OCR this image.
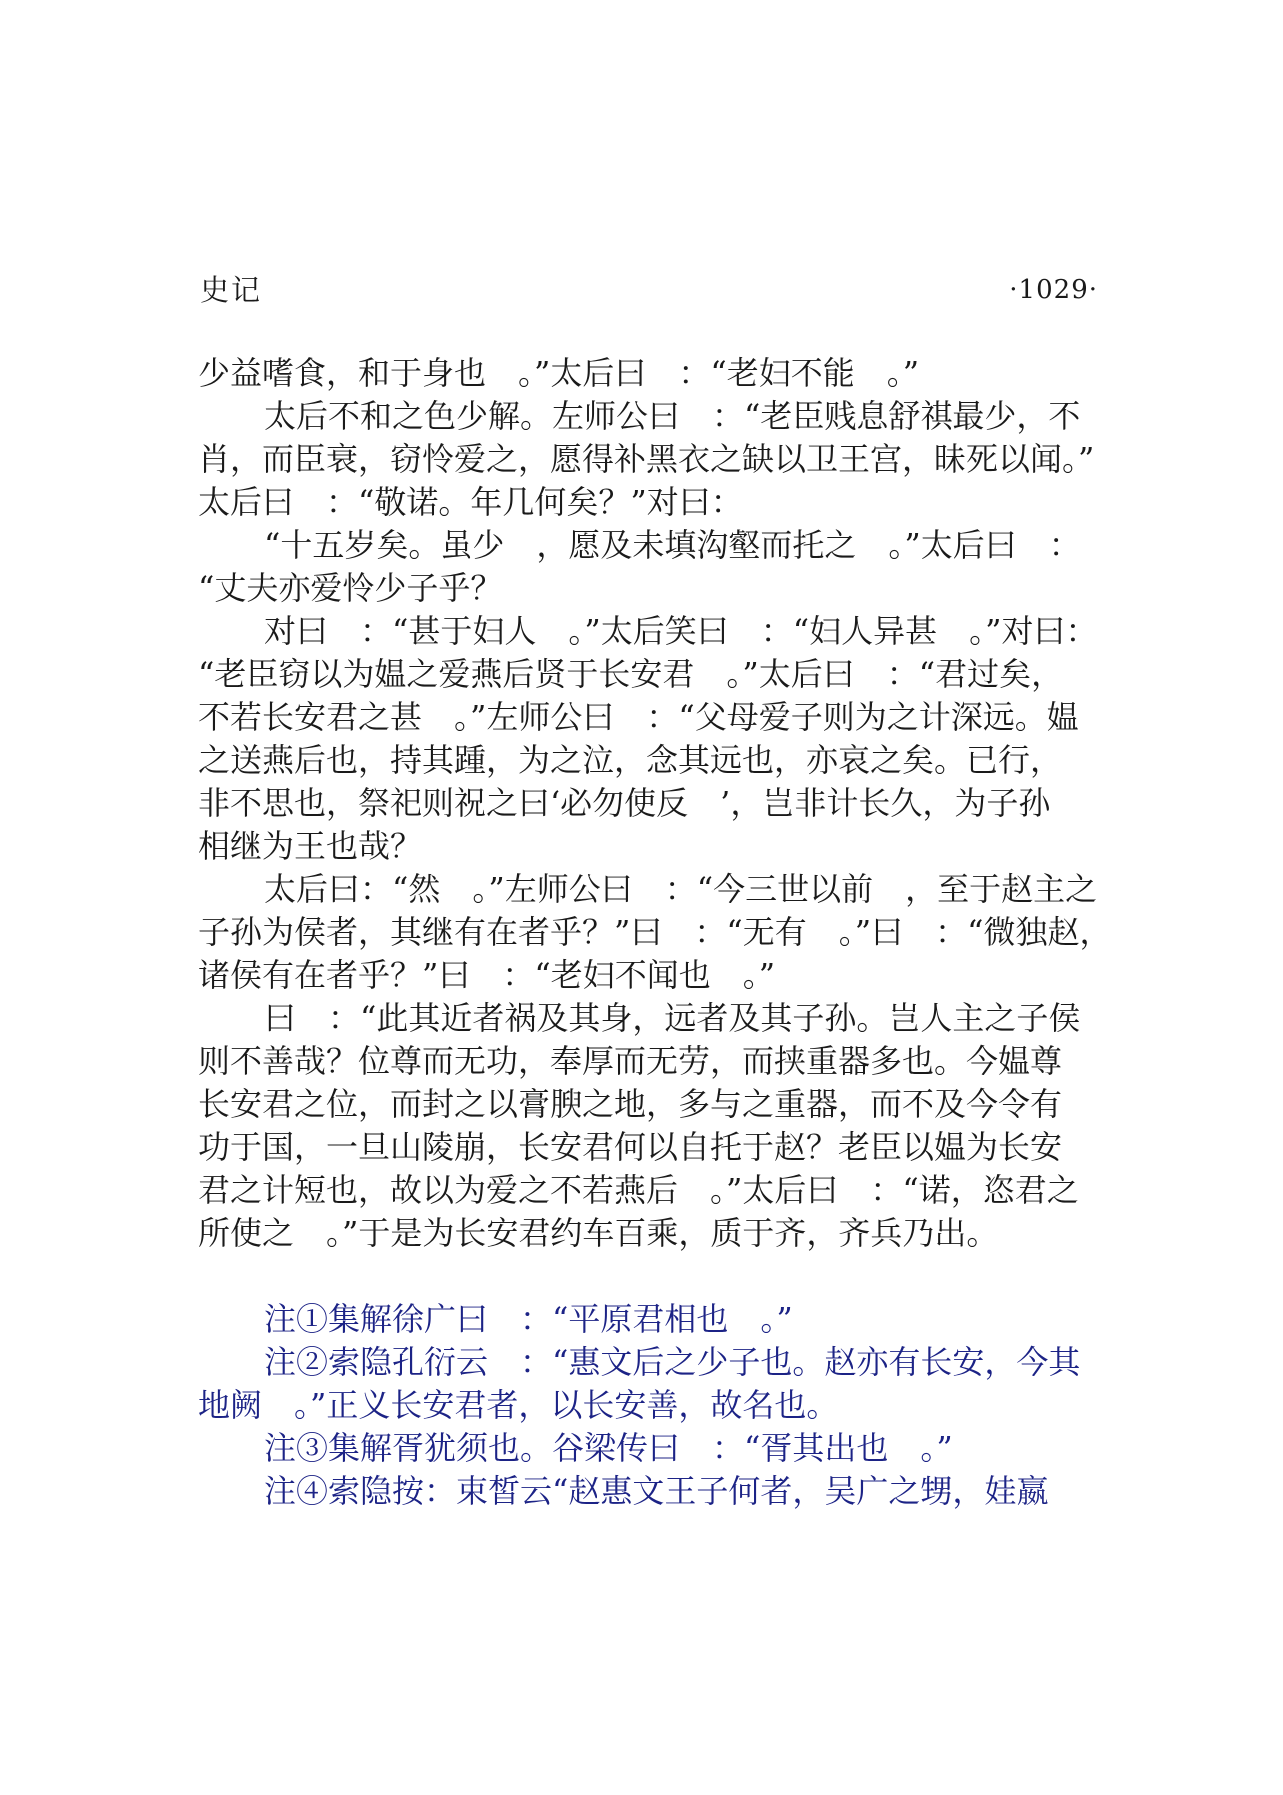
史记	·1029·
少益嗜食，和于身也　。”太后曰　：“老妇不能　。”
太后不和之色少解。左师公曰　：“老臣贱息舒祺最少，不
肖，而臣衰，窃怜爱之，愿得补黑衣之缺以卫王宫，昧死以闻。”
太后曰　：“敬诺。年几何矣？”对曰：
“十五岁矣。虽少　，愿及未填沟壑而托之　。”太后曰　：
“丈夫亦爱怜少子乎？
对曰　：“甚于妇人　。”太后笑曰　：“妇人异甚　。”对曰：
“老臣窃以为媪之爱燕后贤于长安君　。”太后曰　：“君过矣，
不若长安君之甚　。”左师公曰　：“父母爱子则为之计深远。媪
之送燕后也，持其踵，为之泣，念其远也，亦哀之矣。已行，
非不思也，祭祀则祝之曰‘必勿使反　’，岂非计长久，为子孙
相继为王也哉？
太后曰：“然　。”左师公曰　：“今三世以前　，至于赵主之
子孙为侯者，其继有在者乎？”曰　：“无有　。”曰　：“微独赵，
诸侯有在者乎？”曰　：“老妇不闻也　。”
曰　：“此其近者祸及其身，远者及其子孙。岂人主之子侯
则不善哉？位尊而无功，奉厚而无劳，而挟重器多也。今媪尊
长安君之位，而封之以膏腴之地，多与之重器，而不及今令有
功于国，一旦山陵崩，长安君何以自托于赵？老臣以媪为长安
君之计短也，故以为爱之不若燕后　。”太后曰　：“诺，恣君之
所使之　。”于是为长安君约车百乘，质于齐，齐兵乃出。
注①集解徐广曰　：“平原君相也　。”
注②索隐孔衍云　：“惠文后之少子也。赵亦有长安，今其
地阙　。”正义长安君者，以长安善，故名也。
注③集解胥犹须也。谷梁传曰　：“胥其出也　。”
注④索隐按：束皙云“赵惠文王子何者，吴广之甥，娃嬴
